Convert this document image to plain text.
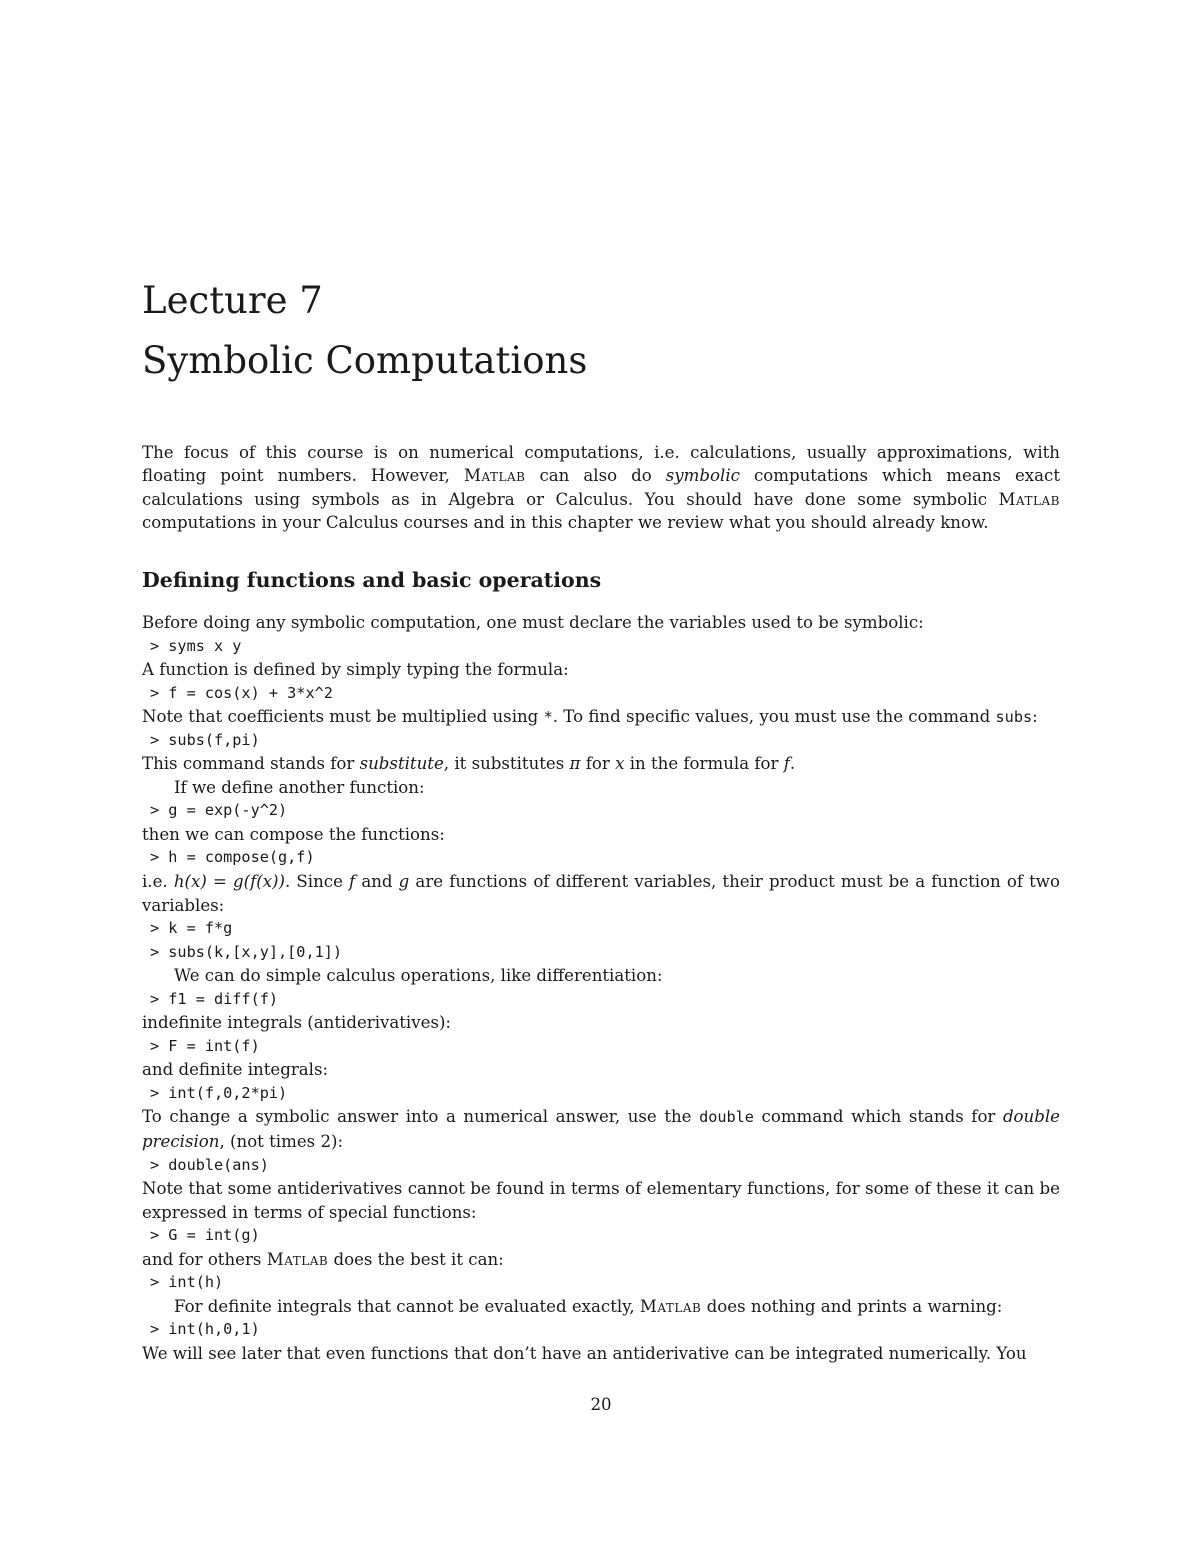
Lecture 7
Symbolic Computations

The focus of this course is on numerical computations, i.e. calculations, usually approximations, with floating point numbers. However, Matlab can also do symbolic computations which means exact calculations using symbols as in Algebra or Calculus. You should have done some symbolic Matlab computations in your Calculus courses and in this chapter we review what you should already know.

Defining functions and basic operations
Before doing any symbolic computation, one must declare the variables used to be symbolic:
> syms x y
A function is defined by simply typing the formula:
> f = cos(x) + 3*x^2
Note that coefficients must be multiplied using *. To find specific values, you must use the command subs:
> subs(f,pi)
This command stands for substitute, it substitutes π for x in the formula for f.
If we define another function:
> g = exp(-y^2)
then we can compose the functions:
> h = compose(g,f)
i.e. h(x) = g(f(x)). Since f and g are functions of different variables, their product must be a function of two variables:
> k = f*g
> subs(k,[x,y],[0,1])
We can do simple calculus operations, like differentiation:
> f1 = diff(f)
indefinite integrals (antiderivatives):
> F = int(f)
and definite integrals:
> int(f,0,2*pi)
To change a symbolic answer into a numerical answer, use the double command which stands for double precision, (not times 2):
> double(ans)
Note that some antiderivatives cannot be found in terms of elementary functions, for some of these it can be expressed in terms of special functions:
> G = int(g)
and for others Matlab does the best it can:
> int(h)
For definite integrals that cannot be evaluated exactly, Matlab does nothing and prints a warning:
> int(h,0,1)
We will see later that even functions that don’t have an antiderivative can be integrated numerically. You
20
